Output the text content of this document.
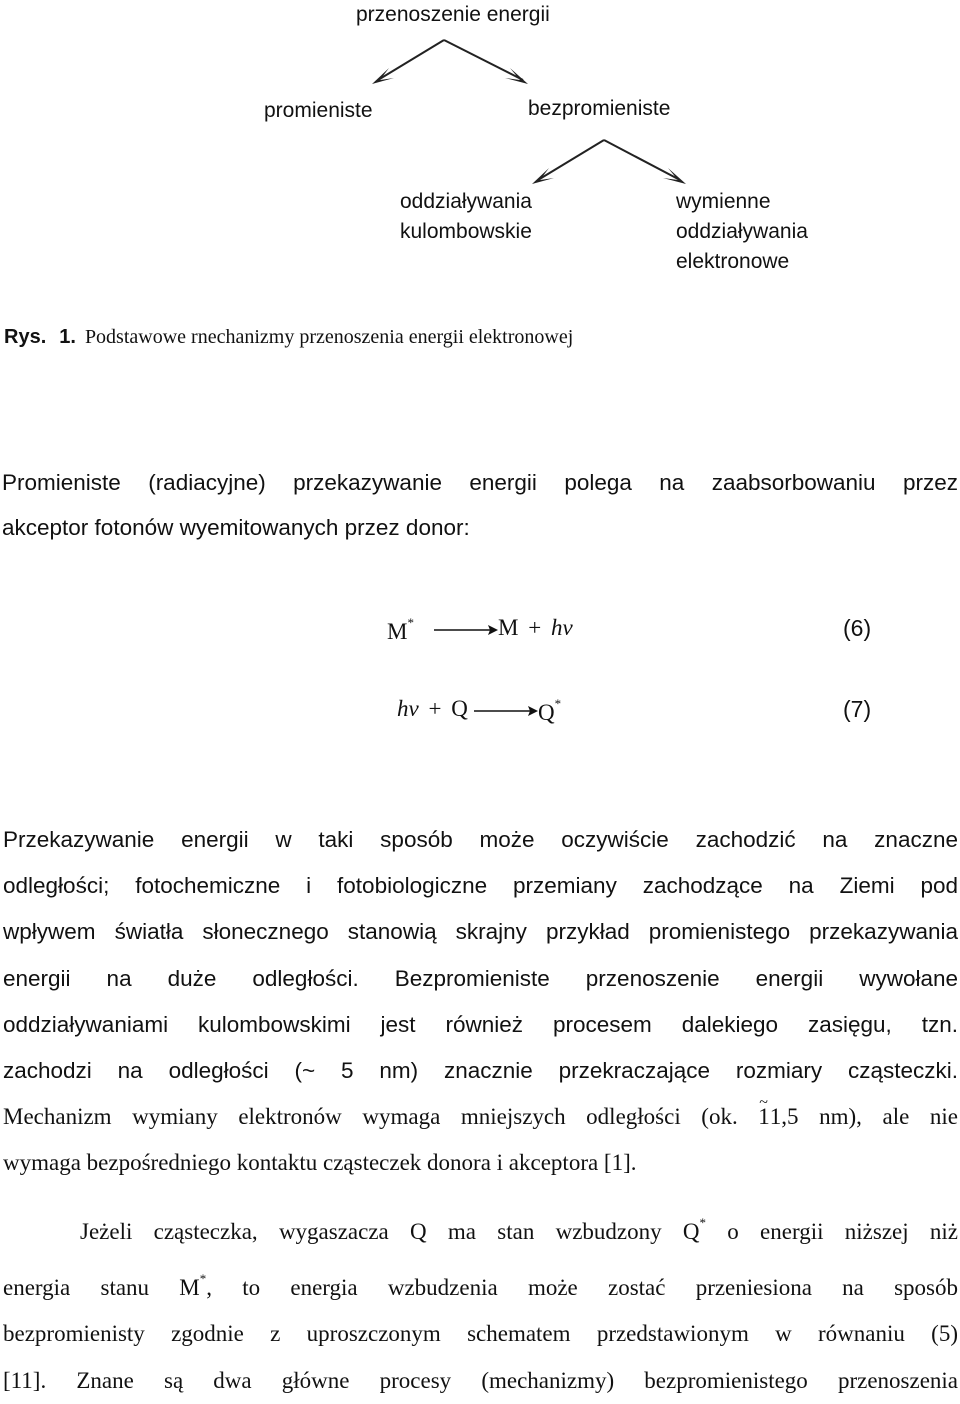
przenoszenie energii
promieniste	bezpromieniste
oddziaływania
kulombowskie
wymienne
oddziaływania
elektronowe
Rys. 1. Podstawowe rnechanizmy przenoszenia energii elektronowej
Promieniste (radiacyjne) przekazywanie energii polega na zaabsorbowaniu przez
akceptor fotonów wyemitowanych przez donor:
M*	M + hv	(6)
hv + Q	Q*	(7)
Przekazywanie energii w taki sposób może oczywiście zachodzić na znaczne
odległości; fotochemiczne i fotobiologiczne przemiany zachodzące na Ziemi pod
wpływem światła słonecznego stanowią skrajny przykład promienistego przekazywania
energii na duże odległości. Bezpromieniste przenoszenie energii wywołane
oddziaływaniami kulombowskimi jest również procesem dalekiego zasięgu, tzn.
zachodzi na odległości (~ 5 nm) znacznie przekraczające rozmiary cząsteczki.
Mechanizm wymiany elektronów wymaga mniejszych odległości (ok. ~ 11,5 nm), ale nie
wymaga bezpośredniego kontaktu cząsteczek donora i akceptora [1].
Jeżeli cząsteczka, wygaszacza Q ma stan wzbudzony Q* o energii niższej niż
energia stanu M*, to energia wzbudzenia może zostać przeniesiona na sposób
bezpromienisty zgodnie z uproszczonym schematem przedstawionym w równaniu (5)
[11]. Znane są dwa główne procesy (mechanizmy) bezpromienistego przenoszenia
